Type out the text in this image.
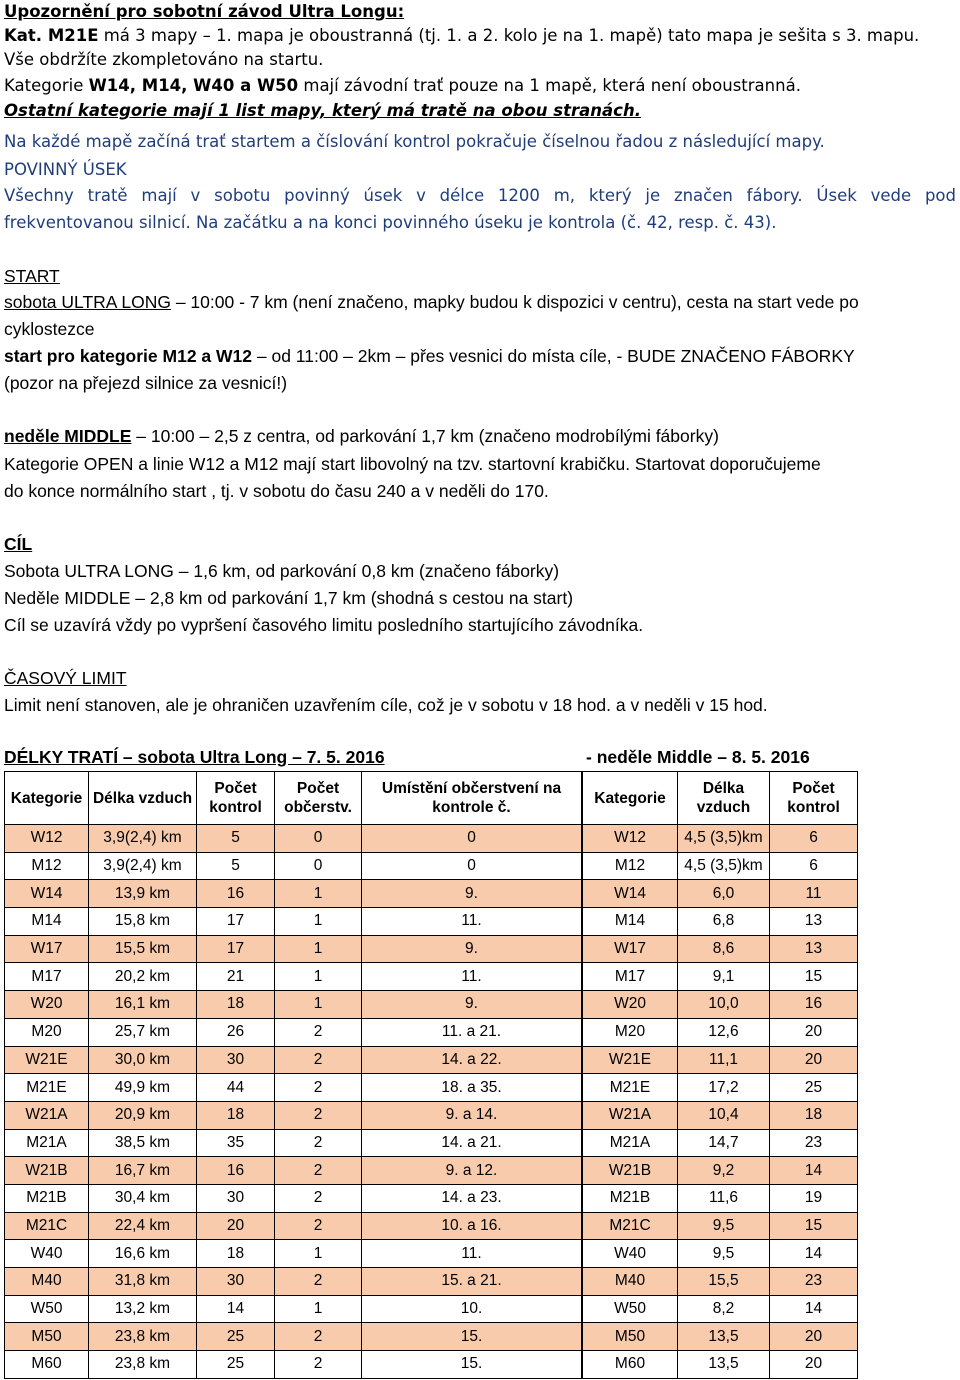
Upozornění pro sobotní závod Ultra Longu:
Kat. M21E má 3 mapy – 1. mapa je oboustranná (tj. 1. a 2. kolo je na 1. mapě) tato mapa je sešita s 3. mapu.
Vše obdržíte zkompletováno na startu.
Kategorie W14, M14, W40 a W50 mají závodní trať pouze na 1 mapě, která není oboustranná.
Ostatní kategorie mají 1 list mapy, který má tratě na obou stranách.
Na každé mapě začíná trať startem a číslování kontrol pokračuje číselnou řadou z následující mapy.
POVINNÝ ÚSEK
Všechny tratě mají v sobotu povinný úsek v délce 1200 m, který je značen fábory. Úsek vede pod
frekventovanou silnicí. Na začátku a na konci povinného úseku je kontrola (č. 42, resp. č. 43).
START
sobota ULTRA LONG – 10:00 - 7 km (není značeno, mapky budou k dispozici v centru), cesta na start vede po
cyklostezce
start pro kategorie M12 a W12 – od 11:00 – 2km – přes vesnici do místa cíle, - BUDE ZNAČENO FÁBORKY
(pozor na přejezd silnice za vesnicí!)
neděle MIDDLE – 10:00 – 2,5 z centra, od parkování 1,7 km (značeno modrobílými fáborky)
Kategorie OPEN a linie W12 a M12 mají start libovolný na tzv. startovní krabičku. Startovat doporučujeme
do konce normálního start , tj. v sobotu do času 240 a v neděli do 170.
CÍL
Sobota ULTRA LONG – 1,6 km, od parkování 0,8 km (značeno fáborky)
Neděle MIDDLE – 2,8 km od parkování 1,7 km (shodná s cestou na start)
Cíl se uzavírá vždy po vypršení časového limitu posledního startujícího závodníka.
ČASOVÝ LIMIT
Limit není stanoven, ale je ohraničen uzavřením cíle, což je v sobotu v 18 hod. a v neděli v 15 hod.
DÉLKY TRATÍ – sobota Ultra Long – 7. 5. 2016	- neděle Middle – 8. 5. 2016
Kategorie	Délka vzduch	Počet kontrol	Počet občerstv.	Umístění občerstvení na kontrole č.
W12	3,9(2,4) km	5	0	0
M12	3,9(2,4) km	5	0	0
W14	13,9 km	16	1	9.
M14	15,8 km	17	1	11.
W17	15,5 km	17	1	9.
M17	20,2 km	21	1	11.
W20	16,1 km	18	1	9.
M20	25,7 km	26	2	11. a 21.
W21E	30,0 km	30	2	14. a 22.
M21E	49,9 km	44	2	18. a 35.
W21A	20,9 km	18	2	9. a 14.
M21A	38,5 km	35	2	14. a 21.
W21B	16,7 km	16	2	9. a 12.
M21B	30,4 km	30	2	14. a 23.
M21C	22,4 km	20	2	10. a 16.
W40	16,6 km	18	1	11.
M40	31,8 km	30	2	15. a 21.
W50	13,2 km	14	1	10.
M50	23,8 km	25	2	15.
M60	23,8 km	25	2	15.
Kategorie	Délka vzduch	Počet kontrol
W12	4,5 (3,5)km	6
M12	4,5 (3,5)km	6
W14	6,0	11
M14	6,8	13
W17	8,6	13
M17	9,1	15
W20	10,0	16
M20	12,6	20
W21E	11,1	20
M21E	17,2	25
W21A	10,4	18
M21A	14,7	23
W21B	9,2	14
M21B	11,6	19
M21C	9,5	15
W40	9,5	14
M40	15,5	23
W50	8,2	14
M50	13,5	20
M60	13,5	20
